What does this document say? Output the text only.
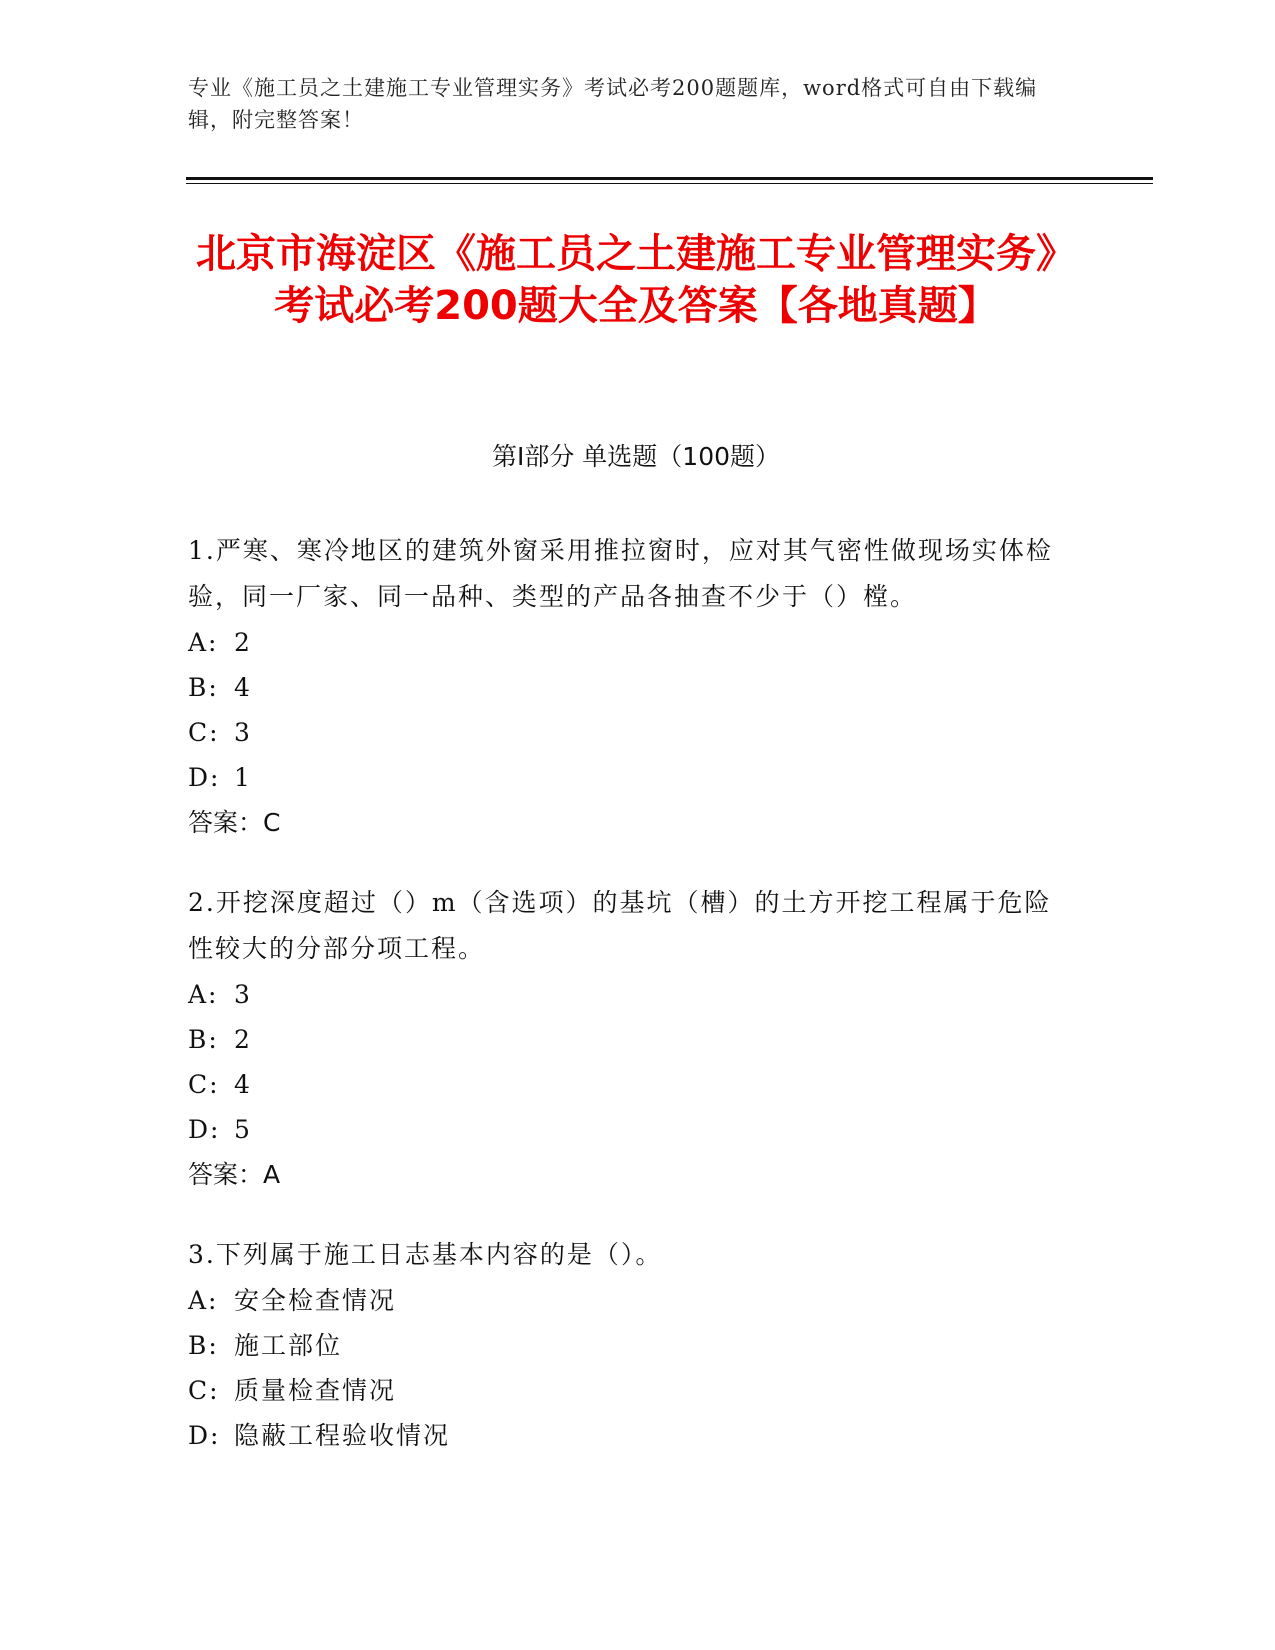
专业《施工员之土建施工专业管理实务》考试必考200题题库，word格式可自由下载编辑，附完整答案！
北京市海淀区《施工员之土建施工专业管理实务》考试必考200题大全及答案【各地真题】
第I部分 单选题（100题）
1.严寒、寒冷地区的建筑外窗采用推拉窗时，应对其气密性做现场实体检验，同一厂家、同一品种、类型的产品各抽查不少于（）樘。
A: 2
B: 4
C: 3
D: 1
答案：C
2.开挖深度超过（）m（含选项）的基坑（槽）的土方开挖工程属于危险性较大的分部分项工程。
A: 3
B: 2
C: 4
D: 5
答案：A
3.下列属于施工日志基本内容的是（）。
A: 安全检查情况
B: 施工部位
C: 质量检查情况
D: 隐蔽工程验收情况
